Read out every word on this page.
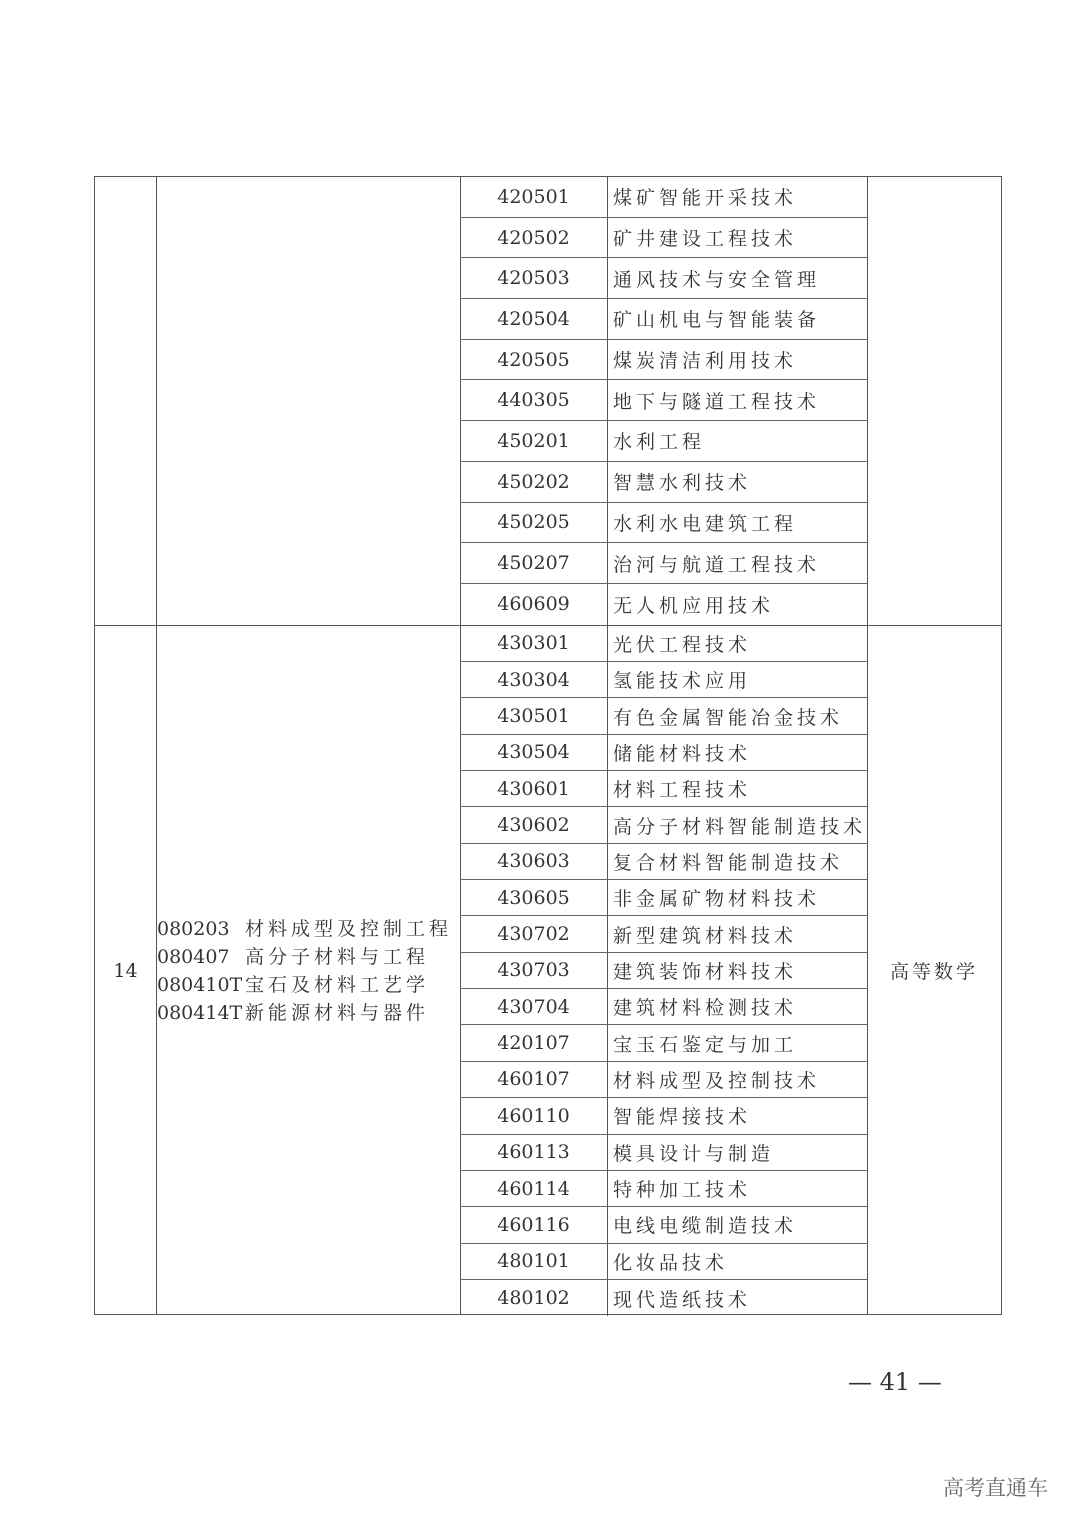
420501	煤矿智能开采技术
420502	矿井建设工程技术
420503	通风技术与安全管理
420504	矿山机电与智能装备
420505	煤炭清洁利用技术
440305	地下与隧道工程技术
450201	水利工程
450202	智慧水利技术
450205	水利水电建筑工程
450207	治河与航道工程技术
460609	无人机应用技术
14
080203 材料成型及控制工程
080407 高分子材料与工程
080410T 宝石及材料工艺学
080414T 新能源材料与器件
430301	光伏工程技术
430304	氢能技术应用
430501	有色金属智能冶金技术
430504	储能材料技术
430601	材料工程技术
430602	高分子材料智能制造技术
430603	复合材料智能制造技术
430605	非金属矿物材料技术
430702	新型建筑材料技术
430703	建筑装饰材料技术
430704	建筑材料检测技术
420107	宝玉石鉴定与加工
460107	材料成型及控制技术
460110	智能焊接技术
460113	模具设计与制造
460114	特种加工技术
460116	电线电缆制造技术
480101	化妆品技术
480102	现代造纸技术
高等数学
— 41 —
高考直通车
